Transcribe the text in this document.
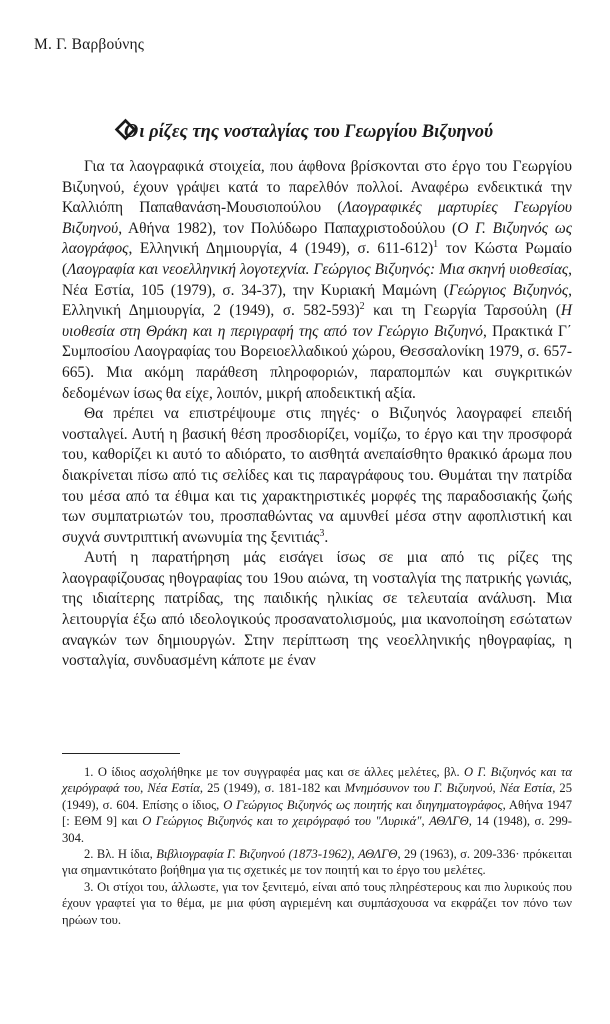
Μ. Γ. Βαρβούνης
Οι ρίζες της νοσταλγίας του Γεωργίου Βιζυηνού

Για τα λαογραφικά στοιχεία, που άφθονα βρίσκονται στο έργο του Γεωργίου Βιζυηνού, έχουν γράψει κατά το παρελθόν πολλοί. Αναφέρω ενδεικτικά την Καλλιόπη Παπαθανάση-Μουσιοπούλου (Λαογραφικές μαρτυρίες Γεωργίου Βιζυηνού, Αθήνα 1982), τον Πολύδωρο Παπαχριστοδούλου (Ο Γ. Βιζυηνός ως λαογράφος, Ελληνική Δημιουργία, 4 (1949), σ. 611-612)$^1$ τον Κώστα Ρωμαίο (Λαογραφία και νεοελληνική λογοτεχνία. Γεώργιος Βιζυηνός: Μια σκηνή υιοθεσίας, Νέα Εστία, 105 (1979), σ. 34-37), την Κυριακή Μαμώνη (Γεώργιος Βιζυηνός, Ελληνική Δημιουργία, 2 (1949), σ. 582-593)$^2$ και τη Γεωργία Ταρσούλη (Η υιοθεσία στη Θράκη και η περιγραφή της από τον Γεώργιο Βιζυηνό, Πρακτικά Γ΄ Συμποσίου Λαογραφίας του Βορειοελλαδικού χώρου, Θεσσαλονίκη 1979, σ. 657-665). Μια ακόμη παράθεση πληροφοριών, παραπομπών και συγκριτικών δεδομένων ίσως θα είχε, λοιπόν, μικρή αποδεικτική αξία.

Θα πρέπει να επιστρέψουμε στις πηγές· ο Βιζυηνός λαογραφεί επειδή νοσταλγεί. Αυτή η βασική θέση προσδιορίζει, νομίζω, το έργο και την προσφορά του, καθορίζει κι αυτό το αδιόρατο, το αισθητά ανεπαίσθητο θρακικό άρωμα που διακρίνεται πίσω από τις σελίδες και τις παραγράφους του. Θυμάται την πατρίδα του μέσα από τα έθιμα και τις χαρακτηριστικές μορφές της παραδοσιακής ζωής των συμπατριωτών του, προσπαθώντας να αμυνθεί μέσα στην αφοπλιστική και συχνά συντριπτική ανωνυμία της ξενιτιάς$^3$.

Αυτή η παρατήρηση μάς εισάγει ίσως σε μια από τις ρίζες της λαογραφίζουσας ηθογραφίας του 19ου αιώνα, τη νοσταλγία της πατρικής γωνιάς, της ιδιαίτερης πατρίδας, της παιδικής ηλικίας σε τελευταία ανάλυση. Μια λειτουργία έξω από ιδεολογικούς προσανατολισμούς, μια ικανοποίηση εσώτατων αναγκών των δημιουργών. Στην περίπτωση της νεοελληνικής ηθογραφίας, η νοσταλγία, συνδυασμένη κάποτε με έναν

1. Ο ίδιος ασχολήθηκε με τον συγγραφέα μας και σε άλλες μελέτες, βλ. Ο Γ. Βιζυηνός και τα χειρόγραφά του, Νέα Εστία, 25 (1949), σ. 181-182 και Μνημόσυνον του Γ. Βιζυηνού, Νέα Εστία, 25 (1949), σ. 604. Επίσης ο ίδιος, Ο Γεώργιος Βιζυηνός ως ποιητής και διηγηματογράφος, Αθήνα 1947 [: ΕΘΜ 9] και Ο Γεώργιος Βιζυηνός και το χειρόγραφό του "Λυρικά", ΑΘΛΓΘ, 14 (1948), σ. 299-304.

2. Βλ. Η ίδια, Βιβλιογραφία Γ. Βιζυηνού (1873-1962), ΑΘΛΓΘ, 29 (1963), σ. 209-336· πρόκειται για σημαντικότατο βοήθημα για τις σχετικές με τον ποιητή και το έργο του μελέτες.

3. Οι στίχοι του, άλλωστε, για τον ξενιτεμό, είναι από τους πληρέστερους και πιο λυρικούς που έχουν γραφτεί για το θέμα, με μια φύση αγριεμένη και συμπάσχουσα να εκφράζει τον πόνο των ηρώων του.
